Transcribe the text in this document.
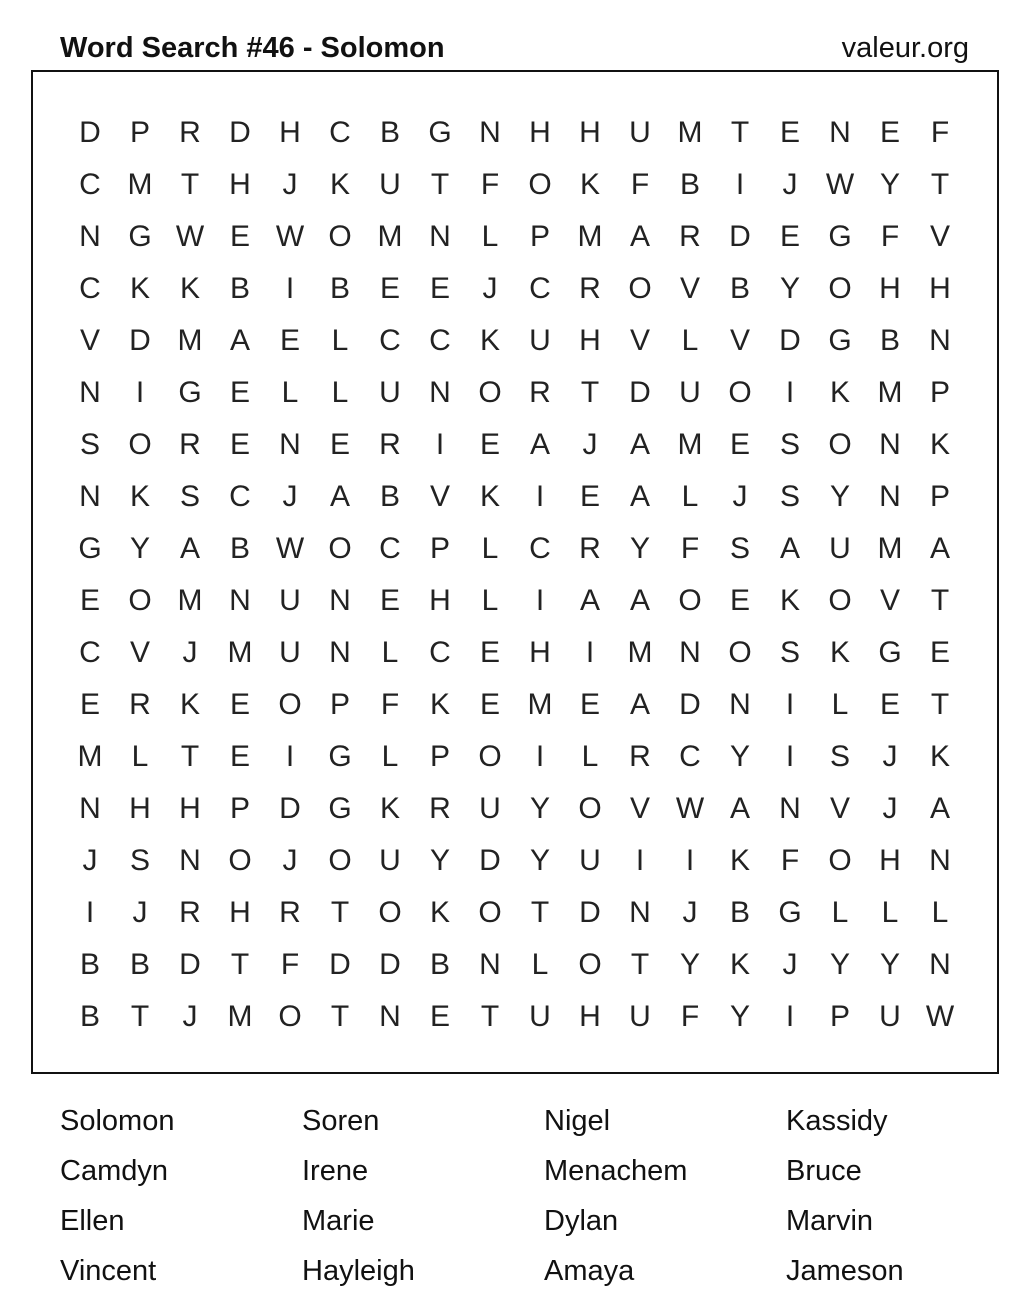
Word Search #46 - Solomon	valeur.org
D P R D H C B G N H H U M T	E N E	F
C M T	H	J	K U	T	F O K	F	B	I	J W Y	T
N G W E W O M N	L	P M A R D E G F	V
C K K B	I	B E E	J	C R O V B Y O H H
V D M A E	L	C C K U H V	L	V D G B N
N	I	G E	L	L	U N O R	T	D U O	I	K M P
S O R E N E R	I	E A	J	A M E S O N K
N K S C	J	A B V K	I	E A	L	J	S Y N P
G Y A B W O C P	L	C R Y	F	S A U M A
E O M N U N E H	L	I	A A O E K O V	T
C V	J	M U N	L	C E H	I	M N O S K G E
E R K E O P	F	K E M E A D N	I	L	E	T
M L	T	E	I	G L	P O	I	L	R C Y	I	S	J	K
N H H P D G K R U Y O V W A N V	J	A
J	S N O	J	O U Y D Y U	I	I	K	F O H N
I	J	R H R	T O K O T	D N	J	B G L	L	L
B B D	T	F	D D B N	L O T	Y K	J	Y Y N
B	T	J	M O T	N E	T	U H U	F	Y	I	P U W
Solomon	Soren	Nigel	Kassidy
Camdyn	Irene	Menachem	Bruce
Ellen	Marie	Dylan	Marvin
Vincent	Hayleigh	Amaya	Jameson
